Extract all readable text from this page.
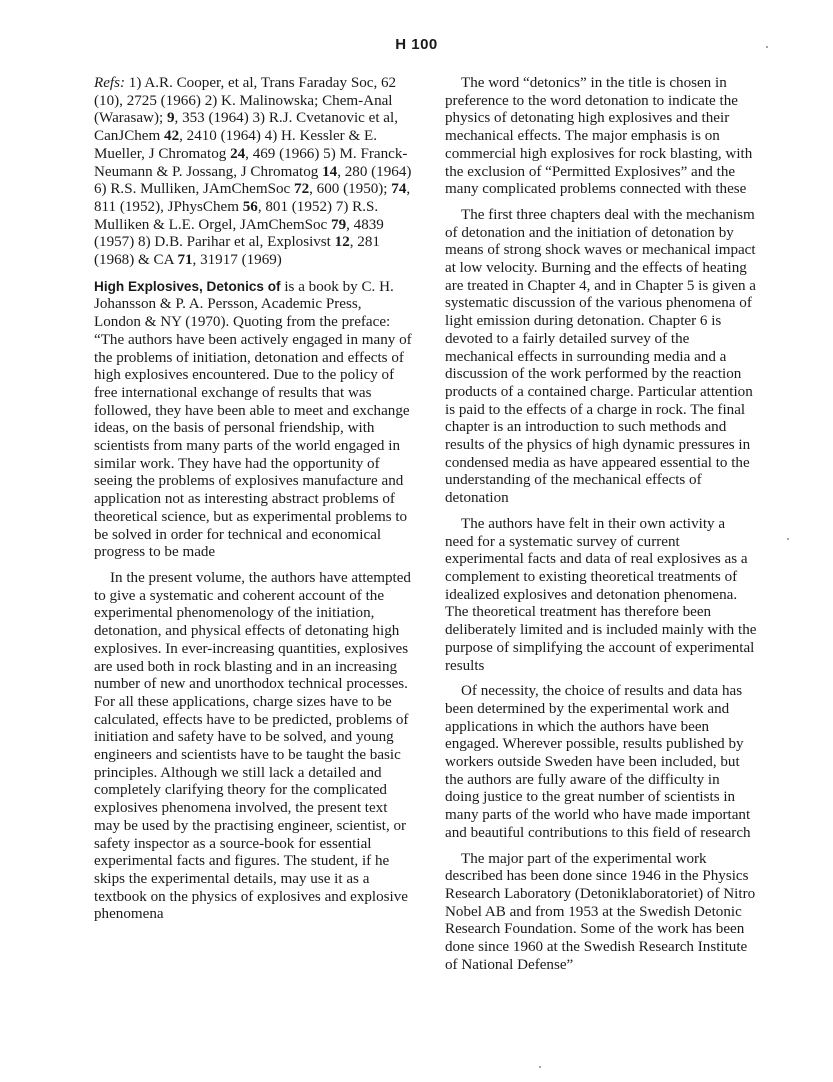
H 100

Refs: 1) A.R. Cooper, et al, Trans Faraday Soc, 62 (10), 2725 (1966) 2) K. Malinowska; Chem-Anal (Warasaw); 9, 353 (1964) 3) R.J. Cvetanovic et al, CanJChem 42, 2410 (1964) 4) H. Kessler & E. Mueller, J Chromatog 24, 469 (1966) 5) M. Franck-Neumann & P. Jossang, J Chromatog 14, 280 (1964) 6) R.S. Mulliken, JAmChemSoc 72, 600 (1950); 74, 811 (1952), JPhysChem 56, 801 (1952) 7) R.S. Mulliken & L.E. Orgel, JAmChemSoc 79, 4839 (1957) 8) D.B. Parihar et al, Explosivst 12, 281 (1968) & CA 71, 31917 (1969)

High Explosives, Detonics of is a book by C. H. Johansson & P. A. Persson, Academic Press, London & NY (1970). Quoting from the preface: “The authors have been actively engaged in many of the problems of initiation, detonation and effects of high explosives encountered. Due to the policy of free international exchange of results that was followed, they have been able to meet and exchange ideas, on the basis of personal friendship, with scientists from many parts of the world engaged in similar work. They have had the opportunity of seeing the problems of explosives manufacture and application not as interesting abstract problems of theoretical science, but as experimental problems to be solved in order for technical and economical progress to be made

In the present volume, the authors have attempted to give a systematic and coherent account of the experimental phenomenology of the initiation, detonation, and physical effects of detonating high explosives. In ever-increasing quantities, explosives are used both in rock blasting and in an increasing number of new and unorthodox technical processes. For all these applications, charge sizes have to be calculated, effects have to be predicted, problems of initiation and safety have to be solved, and young engineers and scientists have to be taught the basic principles. Although we still lack a detailed and completely clarifying theory for the complicated explosives phenomena involved, the present text may be used by the practising engineer, scientist, or safety inspector as a source-book for essential experimental facts and figures. The student, if he skips the experimental details, may use it as a textbook on the physics of explosives and explosive phenomena

The word “detonics” in the title is chosen in preference to the word detonation to indicate the physics of detonating high explosives and their mechanical effects. The major emphasis is on commercial high explosives for rock blasting, with the exclusion of “Permitted Explosives” and the many complicated problems connected with these

The first three chapters deal with the mechanism of detonation and the initiation of detonation by means of strong shock waves or mechanical impact at low velocity. Burning and the effects of heating are treated in Chapter 4, and in Chapter 5 is given a systematic discussion of the various phenomena of light emission during detonation. Chapter 6 is devoted to a fairly detailed survey of the mechanical effects in surrounding media and a discussion of the work performed by the reaction products of a contained charge. Particular attention is paid to the effects of a charge in rock. The final chapter is an introduction to such methods and results of the physics of high dynamic pressures in condensed media as have appeared essential to the understanding of the mechanical effects of detonation

The authors have felt in their own activity a need for a systematic survey of current experimental facts and data of real explosives as a complement to existing theoretical treatments of idealized explosives and detonation phenomena. The theoretical treatment has therefore been deliberately limited and is included mainly with the purpose of simplifying the account of experimental results

Of necessity, the choice of results and data has been determined by the experimental work and applications in which the authors have been engaged. Wherever possible, results published by workers outside Sweden have been included, but the authors are fully aware of the difficulty in doing justice to the great number of scientists in many parts of the world who have made important and beautiful contributions to this field of research

The major part of the experimental work described has been done since 1946 in the Physics Research Laboratory (Detoniklaboratoriet) of Nitro Nobel AB and from 1953 at the Swedish Detonic Research Foundation. Some of the work has been done since 1960 at the Swedish Research Institute of National Defense”
